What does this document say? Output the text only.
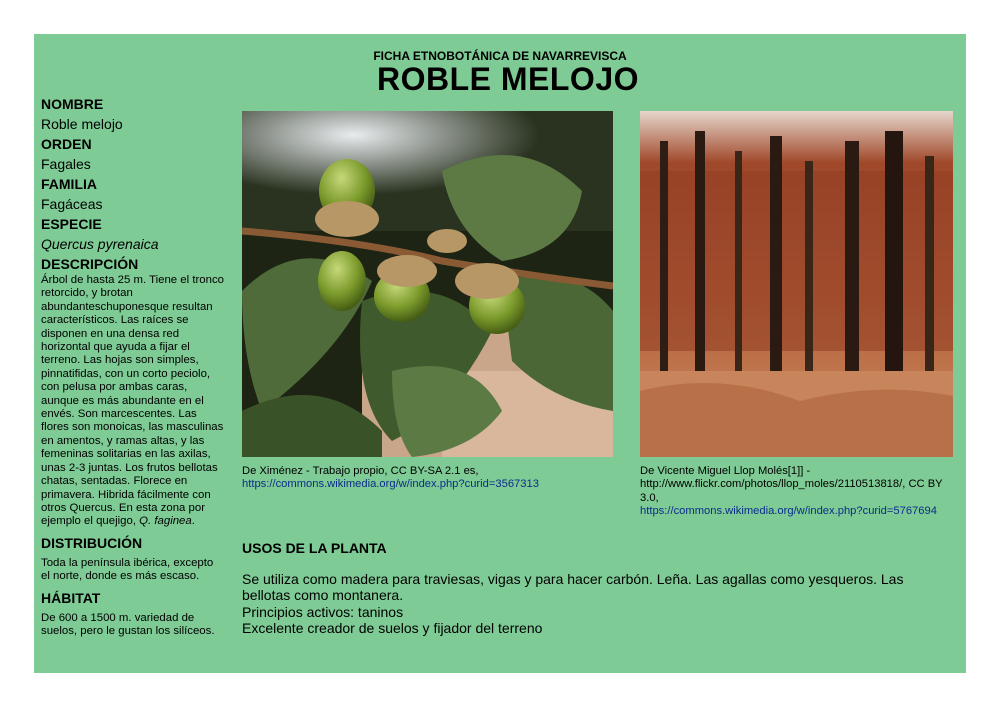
FICHA ETNOBOTÁNICA DE NAVARREVISCA
ROBLE MELOJO
NOMBRE
Roble melojo
ORDEN
Fagales
FAMILIA
Fagáceas
ESPECIE
Quercus pyrenaica
DESCRIPCIÓN
Árbol de hasta 25 m. Tiene el tronco retorcido, y brotan abundanteschuponesque resultan característicos. Las raíces se disponen en una densa red horizontal que ayuda a fijar el terreno. Las hojas son simples, pinnatifidas, con un corto peciolo, con pelusa por ambas caras, aunque es más abundante en el envés. Son marcescentes. Las flores son monoicas, las masculinas en amentos, y ramas altas, y las femeninas solitarias en las axilas, unas 2-3 juntas. Los frutos bellotas chatas, sentadas. Florece en primavera. Hibrida fácilmente con otros Quercus. En esta zona por ejemplo el quejigo, Q. faginea.
DISTRIBUCIÓN
Toda la península ibérica, excepto el norte, donde es más escaso.
HÁBITAT
De 600 a 1500 m. variedad de suelos, pero le gustan los silíceos.
De Ximénez - Trabajo propio, CC BY-SA 2.1 es,
https://commons.wikimedia.org/w/index.php?curid=3567313
De Vicente Miguel Llop Molés[1]] - http://www.flickr.com/photos/llop_moles/2110513818/, CC BY 3.0,
https://commons.wikimedia.org/w/index.php?curid=5767694
USOS DE LA PLANTA
Se utiliza como madera para traviesas, vigas y para hacer carbón. Leña. Las agallas como yesqueros. Las bellotas como montanera.
Principios activos: taninos
Excelente creador de suelos y fijador del terreno
